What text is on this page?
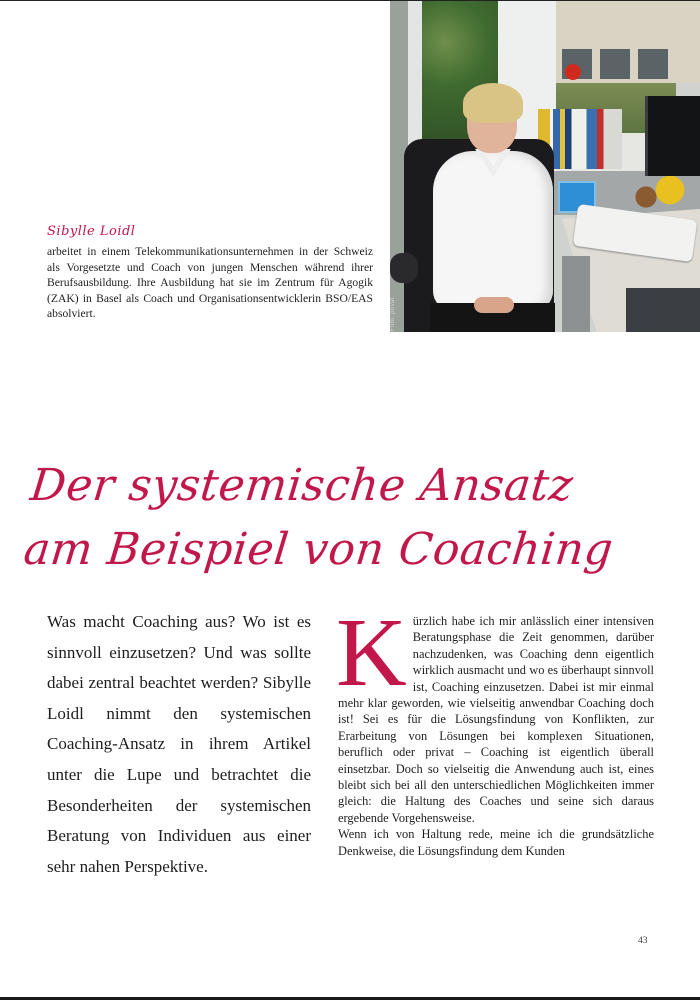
Foto: privat
Sibylle Loidl
arbeitet in einem Telekommunikationsunternehmen in der Schweiz als Vorgesetzte und Coach von jungen Menschen während ihrer Berufsausbildung. Ihre Ausbildung hat sie im Zentrum für Agogik (ZAK) in Basel als Coach und Organisationsentwicklerin BSO/EAS absolviert.
Der systemische Ansatz
am Beispiel von Coaching
Was macht Coaching aus? Wo ist es sinnvoll einzusetzen? Und was sollte dabei zentral beachtet werden? Sibylle Loidl nimmt den systemischen Coaching-Ansatz in ihrem Artikel unter die Lupe und betrachtet die Besonderheiten der systemischen Beratung von Individuen aus einer sehr nahen Perspektive.
K ürzlich habe ich mir anlässlich einer intensiven Beratungsphase die Zeit genommen, darüber nachzudenken, was Coaching denn eigentlich wirklich ausmacht und wo es überhaupt sinnvoll ist, Coaching einzusetzen. Dabei ist mir einmal mehr klar geworden, wie vielseitig anwendbar Coaching doch ist! Sei es für die Lösungsfindung von Konflikten, zur Erarbeitung von Lösungen bei komplexen Situationen, beruflich oder privat – Coaching ist eigentlich überall einsetzbar. Doch so vielseitig die Anwendung auch ist, eines bleibt sich bei all den unterschiedlichen Möglichkeiten immer gleich: die Haltung des Coaches und seine sich daraus ergebende Vorgehensweise.

Wenn ich von Haltung rede, meine ich die grundsätzliche Denkweise, die Lösungsfindung dem Kunden

43
